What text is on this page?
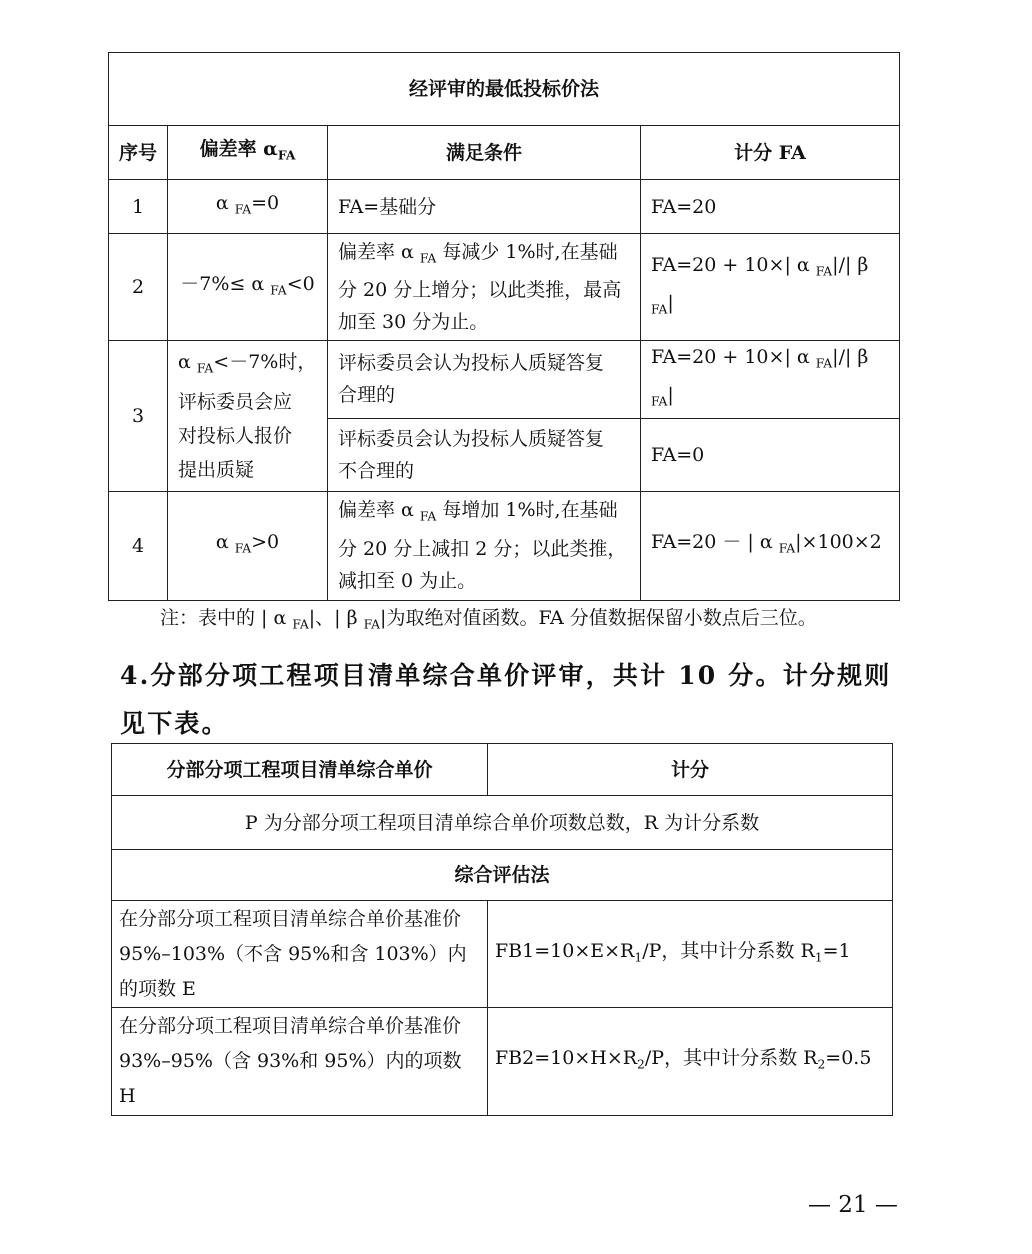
经评审的最低投标价法			
序号	偏差率 $\alpha_{FA}$	满足条件	计分 FA
1	α $_{FA}$=0	FA=基础分	FA=20
2	－7%≤ α $_{FA}$<0	偏差率 α $_{FA}$ 每减少 1%时,在基础
分 20 分上增分；以此类推，最高
加至 30 分为止。	FA=20 + 10×| α $_{FA}$|/| β $_{FA}$|
3	α $_{FA}$<－7%时，
评标委员会应
对投标人报价
提出质疑	评标委员会认为投标人质疑答复
合理的	FA=20 + 10×| α $_{FA}$|/| β $_{FA}$|
		评标委员会认为投标人质疑答复
不合理的	FA=0
4	α $_{FA}$>0	偏差率 α $_{FA}$ 每增加 1%时,在基础
分 20 分上减扣 2 分；以此类推，
减扣至 0 为止。	FA=20 － | α $_{FA}$|×100×2
注：表中的 | α $_{FA}$|、| β $_{FA}$|为取绝对值函数。FA 分值数据保留小数点后三位。
4.分部分项工程项目清单综合单价评审，共计 10 分。计分规则见下表。
分部分项工程项目清单综合单价	计分
P 为分部分项工程项目清单综合单价项数总数，R 为计分系数	
综合评估法	
在分部分项工程项目清单综合单价基准价 95%–103%（不含 95%和含 103%）内的项数 E	$FB1=10\times E\times R_1/P$，其中计分系数 $R_1=1$
在分部分项工程项目清单综合单价基准价 93%–95%（含 93%和 95%）内的项数 H	$FB2=10\times H\times R_2/P$，其中计分系数 $R_2=0.5$
— 21 —
